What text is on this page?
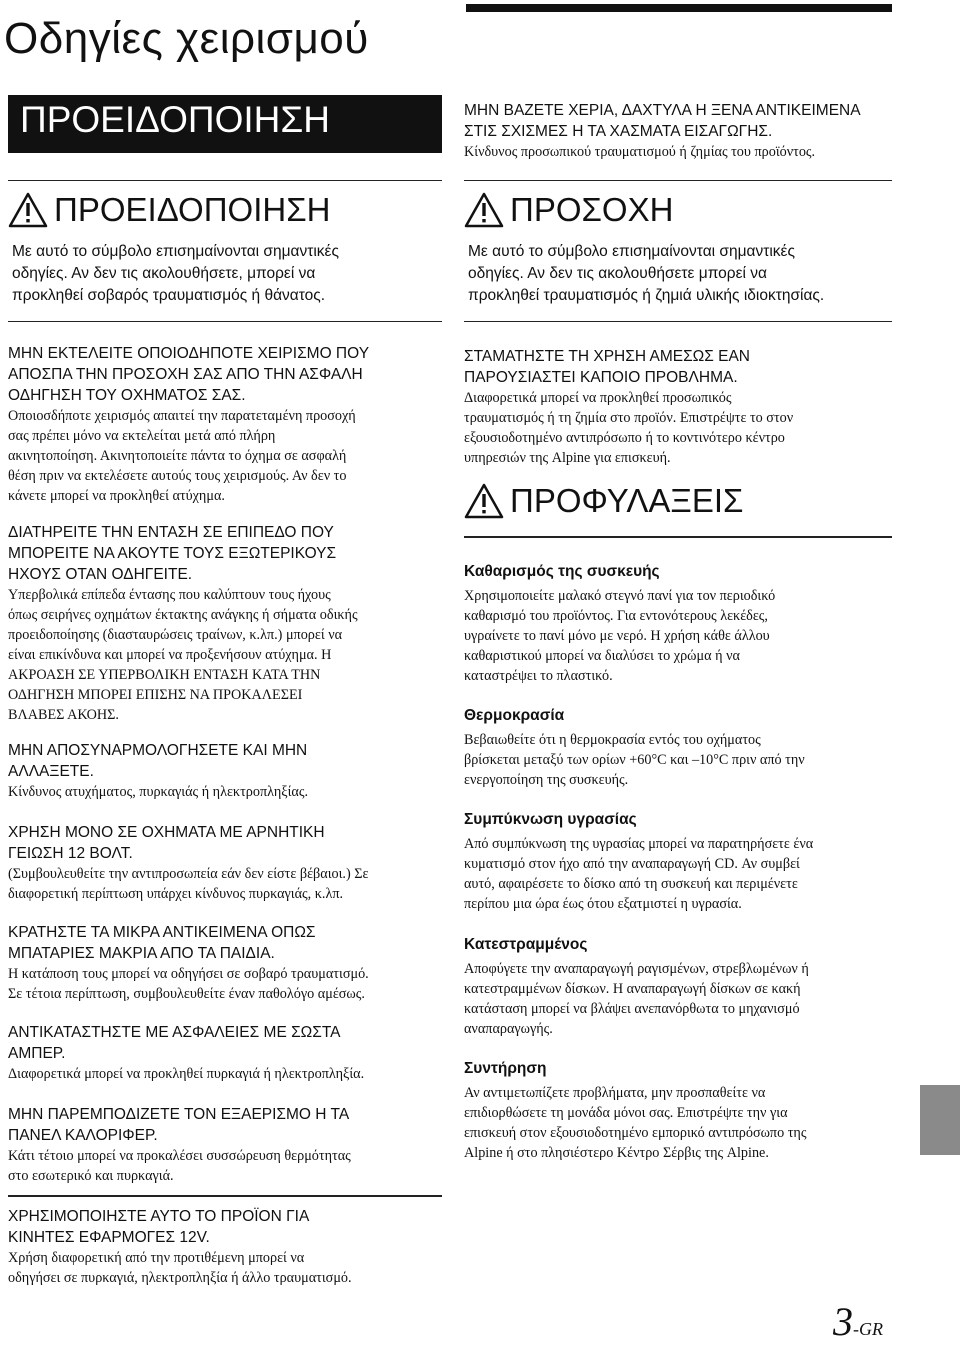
Οδηγίες χειρισμού
ΠΡΟΕΙΔΟΠΟΙΗΣΗ
ΠΡΟΕΙΔΟΠΟΙΗΣΗ
Με αυτό το σύμβολο επισημαίνονται σημαντικές
οδηγίες. Αν δεν τις ακολουθήσετε, μπορεί να
προκληθεί σοβαρός τραυματισμός ή θάνατος.
ΜΗΝ ΒΑΖΕΤΕ ΧΕΡΙΑ, ΔΑΧΤΥΛΑ Η ΞΕΝΑ ΑΝΤΙΚΕΙΜΕΝΑ
ΣΤΙΣ ΣΧΙΣΜΕΣ Η ΤΑ ΧΑΣΜΑΤΑ ΕΙΣΑΓΩΓΗΣ.
Κίνδυνος προσωπικού τραυματισμού ή ζημίας του προϊόντος.
ΠΡΟΣΟΧΗ
Με αυτό το σύμβολο επισημαίνονται σημαντικές
οδηγίες. Αν δεν τις ακολουθήσετε μπορεί να
προκληθεί τραυματισμός ή ζημιά υλικής ιδιοκτησίας.
ΜΗΝ ΕΚΤΕΛΕΙΤΕ ΟΠΟΙΟΔΗΠΟΤΕ ΧΕΙΡΙΣΜΟ ΠΟΥ
ΑΠΟΣΠΑ ΤΗΝ ΠΡΟΣΟΧΗ ΣΑΣ ΑΠΟ ΤΗΝ ΑΣΦΑΛΗ
ΟΔΗΓΗΣΗ ΤΟΥ ΟΧΗΜΑΤΟΣ ΣΑΣ.
Οποιοσδήποτε χειρισμός απαιτεί την παρατεταμένη προσοχή
σας πρέπει μόνο να εκτελείται μετά από πλήρη
ακινητοποίηση. Ακινητοποιείτε πάντα το όχημα σε ασφαλή
θέση πριν να εκτελέσετε αυτούς τους χειρισμούς. Αν δεν το
κάνετε μπορεί να προκληθεί ατύχημα.
ΔΙΑΤΗΡΕΙΤΕ ΤΗΝ ΕΝΤΑΣΗ ΣΕ ΕΠΙΠΕΔΟ ΠΟΥ
ΜΠΟΡΕΙΤΕ ΝΑ ΑΚΟΥΤΕ ΤΟΥΣ ΕΞΩΤΕΡΙΚΟΥΣ
ΗΧΟΥΣ ΟΤΑΝ ΟΔΗΓΕΙΤΕ.
Υπερβολικά επίπεδα έντασης που καλύπτουν τους ήχους
όπως σειρήνες οχημάτων έκτακτης ανάγκης ή σήματα οδικής
προειδοποίησης (διασταυρώσεις τραίνων, κ.λπ.) μπορεί να
είναι επικίνδυνα και μπορεί να προξενήσουν ατύχημα. Η
ΑΚΡΟΑΣΗ ΣΕ ΥΠΕΡΒΟΛΙΚΗ ΕΝΤΑΣΗ ΚΑΤΑ ΤΗΝ
ΟΔΗΓΗΣΗ ΜΠΟΡΕΙ ΕΠΙΣΗΣ ΝΑ ΠΡΟΚΑΛΕΣΕΙ
ΒΛΑΒΕΣ ΑΚΟΗΣ.
ΜΗΝ ΑΠΟΣΥΝΑΡΜΟΛΟΓΗΣΕΤΕ ΚΑΙ ΜΗΝ
ΑΛΛΑΞΕΤΕ.
Κίνδυνος ατυχήματος, πυρκαγιάς ή ηλεκτροπληξίας.
ΧΡΗΣΗ ΜΟΝΟ ΣΕ ΟΧΗΜΑΤΑ ΜΕ ΑΡΝΗΤΙΚΗ
ΓΕΙΩΣΗ 12 ΒΟΛΤ.
(Συμβουλευθείτε την αντιπροσωπεία εάν δεν είστε βέβαιοι.) Σε
διαφορετική περίπτωση υπάρχει κίνδυνος πυρκαγιάς, κ.λπ.
ΚΡΑΤΗΣΤΕ ΤΑ ΜΙΚΡΑ ΑΝΤΙΚΕΙΜΕΝΑ ΟΠΩΣ
ΜΠΑΤΑΡΙΕΣ ΜΑΚΡΙΑ ΑΠΟ ΤΑ ΠΑΙΔΙΑ.
Η κατάποση τους μπορεί να οδηγήσει σε σοβαρό τραυματισμό.
Σε τέτοια περίπτωση, συμβουλευθείτε έναν παθολόγο αμέσως.
ΑΝΤΙΚΑΤΑΣΤΗΣΤΕ ΜΕ ΑΣΦΑΛΕΙΕΣ ΜΕ ΣΩΣΤΑ
ΑΜΠΕΡ.
Διαφορετικά μπορεί να προκληθεί πυρκαγιά ή ηλεκτροπληξία.
ΜΗΝ ΠΑΡΕΜΠΟΔΙΖΕΤΕ ΤΟΝ ΕΞΑΕΡΙΣΜΟ Η ΤΑ
ΠΑΝΕΛ ΚΑΛΟΡΙΦΕΡ.
Κάτι τέτοιο μπορεί να προκαλέσει συσσώρευση θερμότητας
στο εσωτερικό και πυρκαγιά.
ΧΡΗΣΙΜΟΠΟΙΗΣΤΕ ΑΥΤΟ ΤΟ ΠΡΟΪΟΝ ΓΙΑ
ΚΙΝΗΤΕΣ ΕΦΑΡΜΟΓΕΣ 12V.
Χρήση διαφορετική από την προτιθέμενη μπορεί να
οδηγήσει σε πυρκαγιά, ηλεκτροπληξία ή άλλο τραυματισμό.
ΣΤΑΜΑΤΗΣΤΕ ΤΗ ΧΡΗΣΗ ΑΜΕΣΩΣ ΕΑΝ
ΠΑΡΟΥΣΙΑΣΤΕΙ ΚΑΠΟΙΟ ΠΡΟΒΛΗΜΑ.
Διαφορετικά μπορεί να προκληθεί προσωπικός
τραυματισμός ή τη ζημία στο προϊόν. Επιστρέψτε το στον
εξουσιοδοτημένο αντιπρόσωπο ή το κοντινότερο κέντρο
υπηρεσιών της Alpine για επισκευή.
ΠΡΟΦΥΛΑΞΕΙΣ
Καθαρισμός της συσκευής
Χρησιμοποιείτε μαλακό στεγνό πανί για τον περιοδικό
καθαρισμό του προϊόντος. Για εντονότερους λεκέδες,
υγραίνετε το πανί μόνο με νερό. Η χρήση κάθε άλλου
καθαριστικού μπορεί να διαλύσει το χρώμα ή να
καταστρέψει το πλαστικό.
Θερμοκρασία
Βεβαιωθείτε ότι η θερμοκρασία εντός του οχήματος
βρίσκεται μεταξύ των ορίων +60°C και –10°C πριν από την
ενεργοποίηση της συσκευής.
Συμπύκνωση υγρασίας
Από συμπύκνωση της υγρασίας μπορεί να παρατηρήσετε ένα
κυματισμό στον ήχο από την αναπαραγωγή CD. Αν συμβεί
αυτό, αφαιρέσετε το δίσκο από τη συσκευή και περιμένετε
περίπου μια ώρα έως ότου εξατμιστεί η υγρασία.
Κατεστραμμένος
Αποφύγετε την αναπαραγωγή ραγισμένων, στρεβλωμένων ή
κατεστραμμένων δίσκων. Η αναπαραγωγή δίσκων σε κακή
κατάσταση μπορεί να βλάψει ανεπανόρθωτα το μηχανισμό
αναπαραγωγής.
Συντήρηση
Αν αντιμετωπίζετε προβλήματα, μην προσπαθείτε να
επιδιορθώσετε τη μονάδα μόνοι σας. Επιστρέψτε την για
επισκευή στον εξουσιοδοτημένο εμπορικό αντιπρόσωπο της
Alpine ή στο πλησιέστερο Κέντρο Σέρβις της Alpine.
3-GR
